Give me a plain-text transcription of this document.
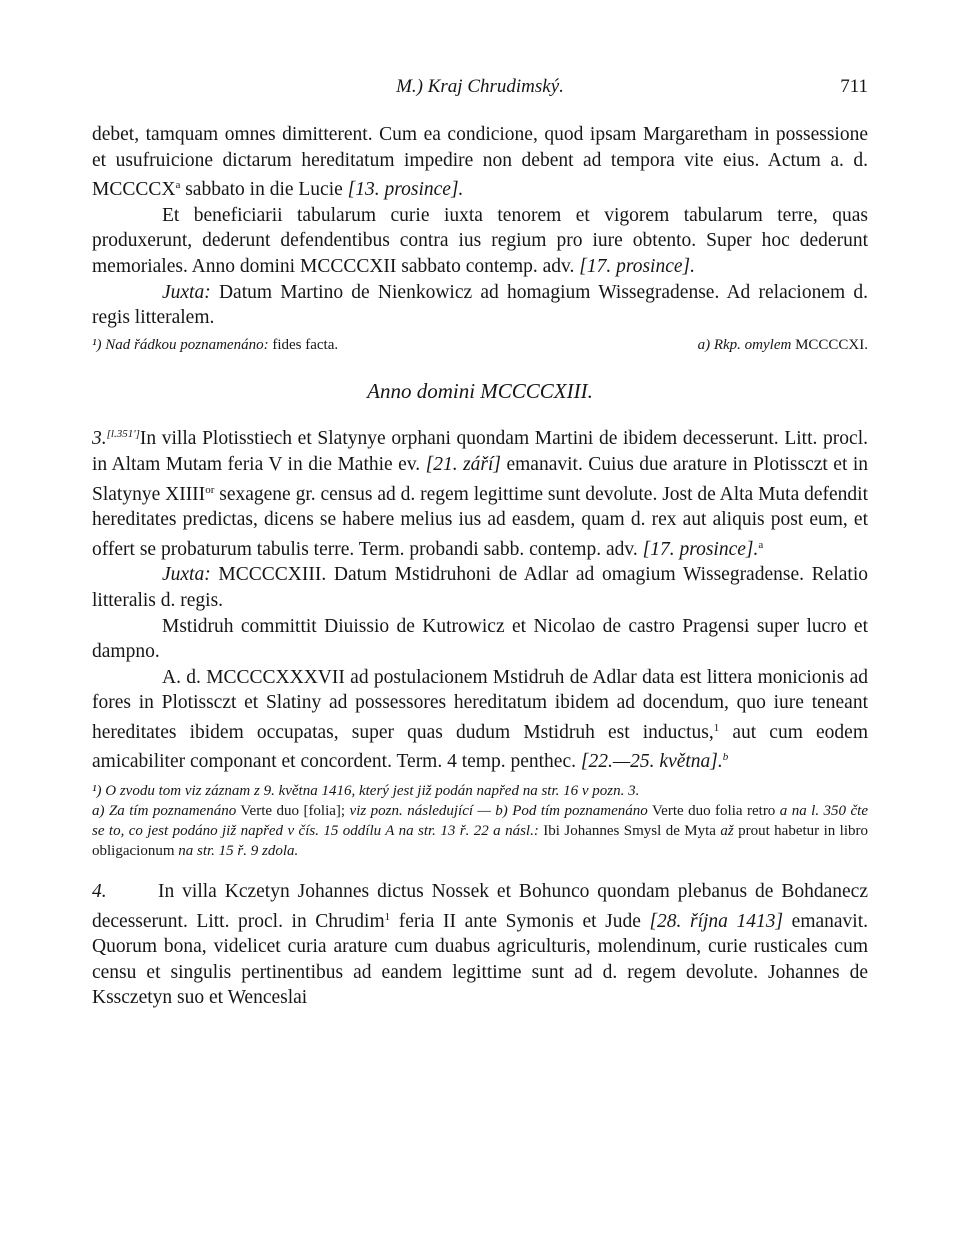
M.) Kraj Chrudimský.	711

debet, tamquam omnes dimitterent. Cum ea condicione, quod ipsam Margaretham in possessione et usufruicione dictarum hereditatum impedire non debent ad tempora vite eius. Actum a. d. MCCCCX$^a$ sabbato in die Lucie [13. prosince].

Et beneficiarii tabularum curie iuxta tenorem et vigorem tabularum terre, quas produxerunt, dederunt defendentibus contra ius regium pro iure obtento. Super hoc dederunt memoriales. Anno domini MCCCCXII sabbato contemp. adv. [17. prosince].

Juxta: Datum Martino de Nienkowicz ad homagium Wissegradense. Ad relacionem d. regis litteralem.

¹) Nad řádkou poznamenáno: fides facta.	a) Rkp. omylem MCCCCXI.
Anno domini MCCCCXIII.

3.[l.351']In villa Plotisstiech et Slatynye orphani quondam Martini de ibidem decesserunt. Litt. procl. in Altam Mutam feria V in die Mathie ev. [21. září] emanavit. Cuius due arature in Plotissczt et in Slatynye $XIIII^{or}$ sexagene gr. census ad d. regem legittime sunt devolute. Jost de Alta Muta defendit hereditates predictas, dicens se habere melius ius ad easdem, quam d. rex aut aliquis post eum, et offert se probaturum tabulis terre. Term. probandi sabb. contemp. adv. [17. prosince].$^a$

Juxta: MCCCCXIII. Datum Mstidruhoni de Adlar ad omagium Wissegradense. Relatio litteralis d. regis.

Mstidruh committit Diuissio de Kutrowicz et Nicolao de castro Pragensi super lucro et dampno.

A. d. MCCCCXXXVII ad postulacionem Mstidruh de Adlar data est littera monicionis ad fores in Plotissczt et Slatiny ad possessores hereditatum ibidem ad docendum, quo iure teneant hereditates ibidem occupatas, super quas dudum Mstidruh est inductus,$^1$ aut cum eodem amicabiliter componant et concordent. Term. 4 temp. penthec. [22.—25. května].$^b$

¹) O zvodu tom viz záznam z 9. května 1416, který jest již podán napřed na str. 16 v pozn. 3.

a) Za tím poznamenáno Verte duo [folia]; viz pozn. následující — b) Pod tím poznamenáno Verte duo folia retro a na l. 350 čte se to, co jest podáno již napřed v čís. 15 oddílu A na str. 13 ř. 22 a násl.: Ibi Johannes Smysl de Myta až prout habetur in libro obligacionum na str. 15 ř. 9 zdola.

4.	In villa Kczetyn Johannes dictus Nossek et Bohunco quondam plebanus de Bohdanecz decesserunt. Litt. procl. in Chrudim$^1$ feria II ante Symonis et Jude [28. října 1413] emanavit. Quorum bona, videlicet curia arature cum duabus agriculturis, molendinum, curie rusticales cum censu et singulis pertinentibus ad eandem legittime sunt ad d. regem devolute. Johannes de Kssczetyn suo et Wenceslai
